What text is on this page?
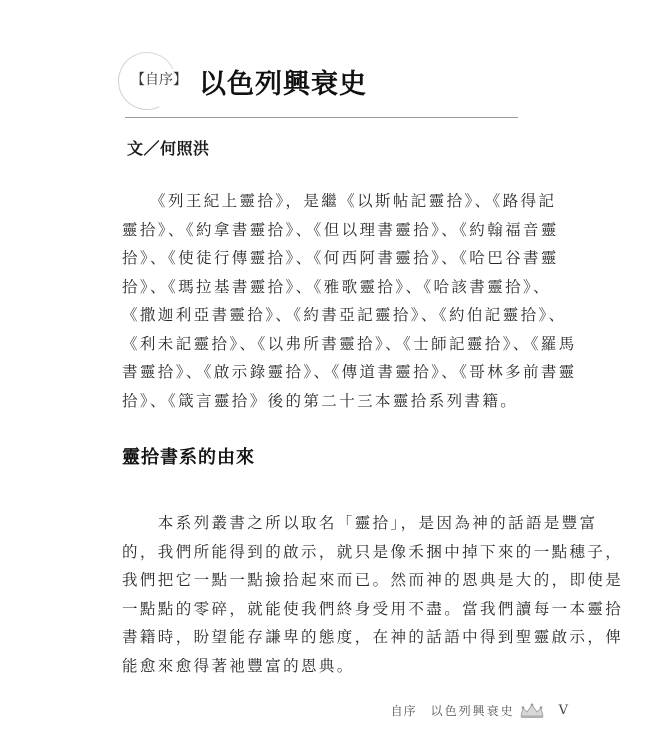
【自序】 以色列興衰史
文／何照洪
　　《列王紀上靈拾》，是繼《以斯帖記靈拾》、《路得記
靈拾》、《約拿書靈拾》、《但以理書靈拾》、《約翰福音靈
拾》、《使徒行傳靈拾》、《何西阿書靈拾》、《哈巴谷書靈
拾》、《瑪拉基書靈拾》、《雅歌靈拾》、《哈該書靈拾》、
《撒迦利亞書靈拾》、《約書亞記靈拾》、《約伯記靈拾》、
《利未記靈拾》、《以弗所書靈拾》、《士師記靈拾》、《羅馬
書靈拾》、《啟示錄靈拾》、《傳道書靈拾》、《哥林多前書靈
拾》、《箴言靈拾》後的第二十三本靈拾系列書籍。
靈拾書系的由來
　　本系列叢書之所以取名「靈拾」，是因為神的話語是豐富
的，我們所能得到的啟示，就只是像禾捆中掉下來的一點穗子，
我們把它一點一點撿拾起來而已。然而神的恩典是大的，即使是
一點點的零碎，就能使我們終身受用不盡。當我們讀每一本靈拾
書籍時，盼望能存謙卑的態度，在神的話語中得到聖靈啟示，俾
能愈來愈得著祂豐富的恩典。
自序 以色列興衰史	V
